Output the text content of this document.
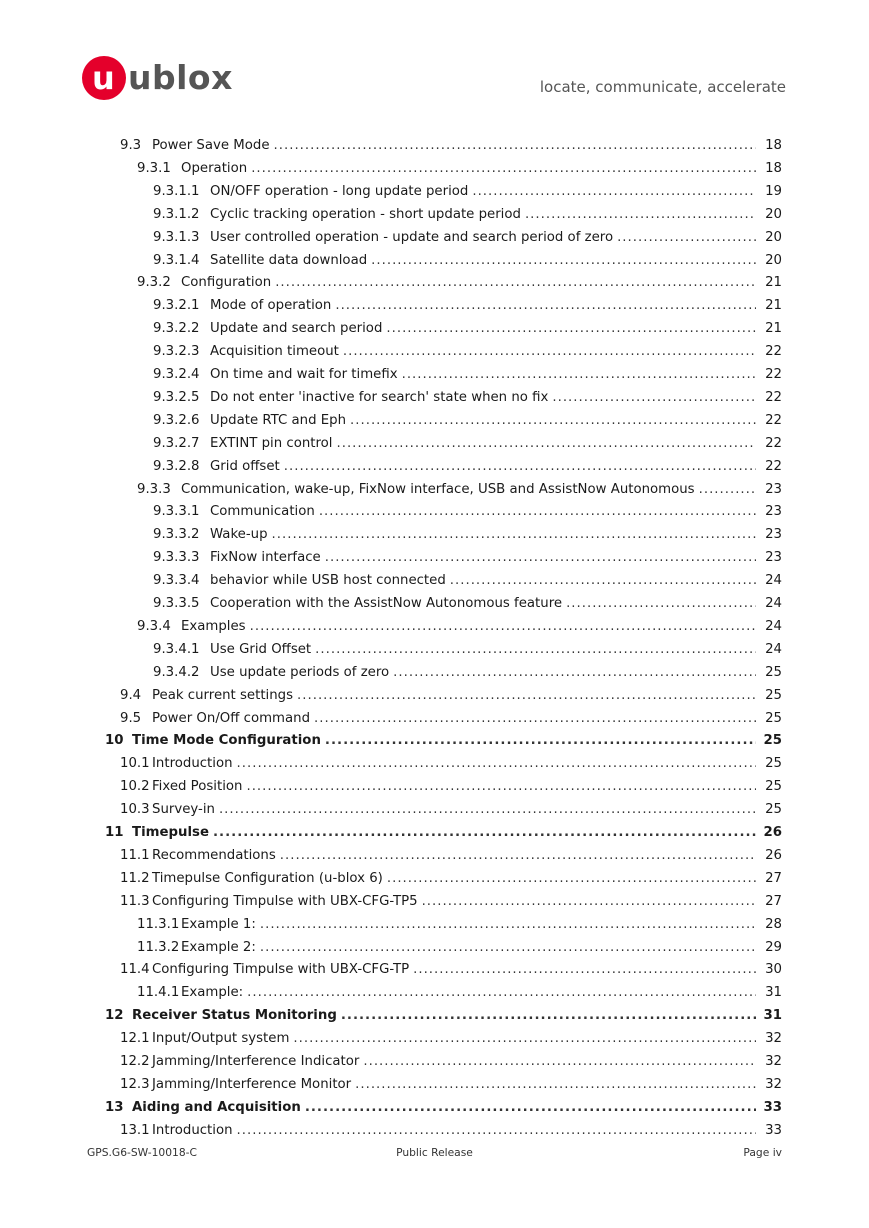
u ublox	locate, communicate, accelerate
9.3 Power Save Mode .....	18
9.3.1 Operation .....	18
9.3.1.1 ON/OFF operation - long update period .....	19
9.3.1.2 Cyclic tracking operation - short update period .....	20
9.3.1.3 User controlled operation - update and search period of zero .....	20
9.3.1.4 Satellite data download .....	20
9.3.2 Configuration .....	21
9.3.2.1 Mode of operation .....	21
9.3.2.2 Update and search period .....	21
9.3.2.3 Acquisition timeout .....	22
9.3.2.4 On time and wait for timefix .....	22
9.3.2.5 Do not enter 'inactive for search' state when no fix .....	22
9.3.2.6 Update RTC and Eph .....	22
9.3.2.7 EXTINT pin control .....	22
9.3.2.8 Grid offset .....	22
9.3.3 Communication, wake-up, FixNow interface, USB and AssistNow Autonomous .....	23
9.3.3.1 Communication .....	23
9.3.3.2 Wake-up .....	23
9.3.3.3 FixNow interface .....	23
9.3.3.4 behavior while USB host connected .....	24
9.3.3.5 Cooperation with the AssistNow Autonomous feature .....	24
9.3.4 Examples .....	24
9.3.4.1 Use Grid Offset .....	24
9.3.4.2 Use update periods of zero .....	25
9.4 Peak current settings .....	25
9.5 Power On/Off command .....	25
10 Time Mode Configuration .....	25
10.1 Introduction .....	25
10.2 Fixed Position .....	25
10.3 Survey-in .....	25
11 Timepulse .....	26
11.1 Recommendations .....	26
11.2 Timepulse Configuration (u-blox 6) .....	27
11.3 Configuring Timpulse with UBX-CFG-TP5 .....	27
11.3.1 Example 1: .....	28
11.3.2 Example 2: .....	29
11.4 Configuring Timpulse with UBX-CFG-TP .....	30
11.4.1 Example: .....	31
12 Receiver Status Monitoring .....	31
12.1 Input/Output system .....	32
12.2 Jamming/Interference Indicator .....	32
12.3 Jamming/Interference Monitor .....	32
13 Aiding and Acquisition .....	33
13.1 Introduction .....	33
GPS.G6-SW-10018-C	Public Release	Page iv
